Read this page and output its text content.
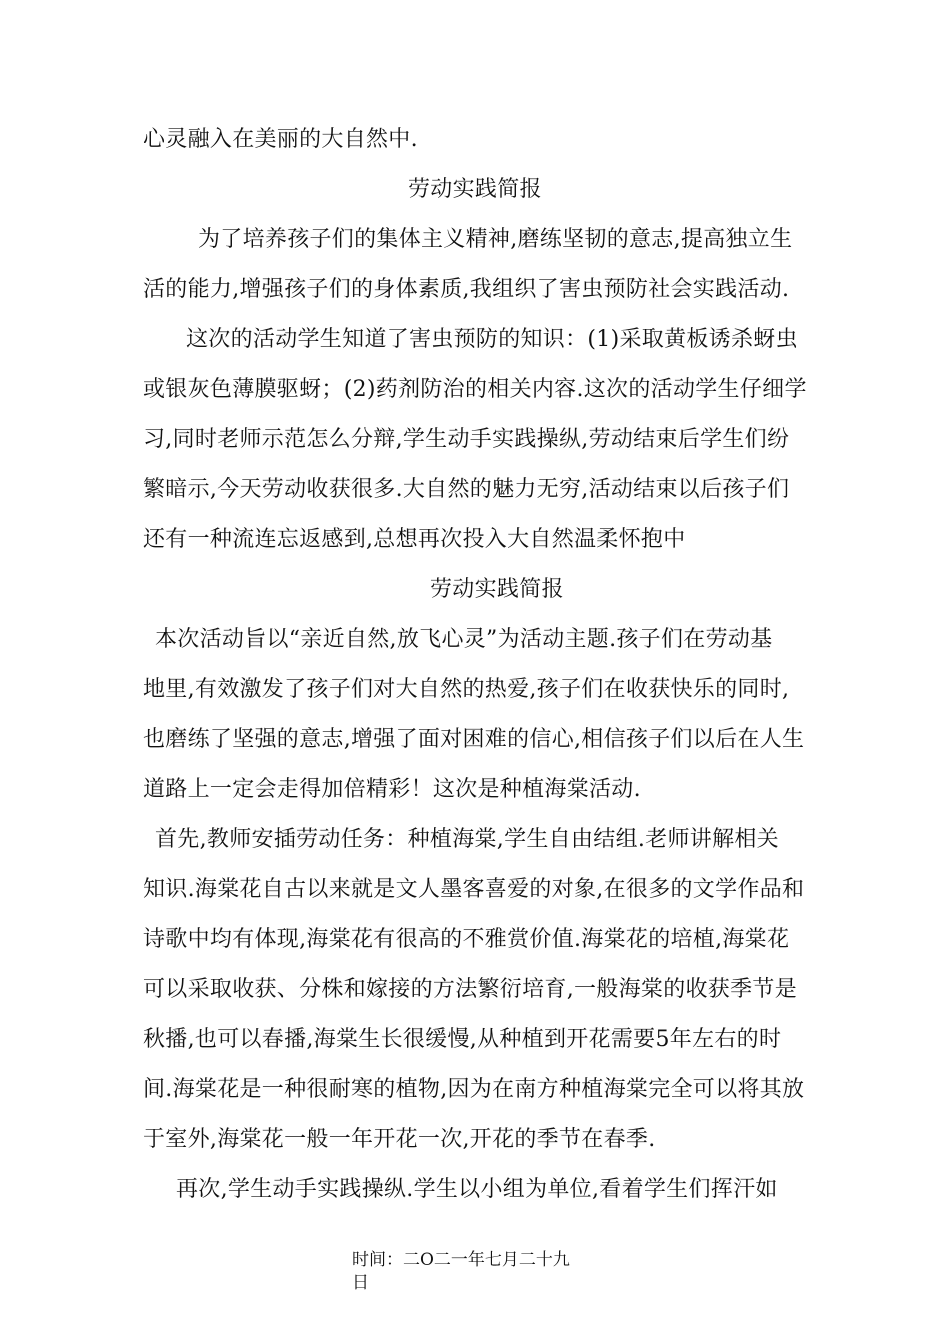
心灵融入在美丽的大自然中.
劳动实践简报
为了培养孩子们的集体主义精神,磨练坚韧的意志,提高独立生
活的能力,增强孩子们的身体素质,我组织了害虫预防社会实践活动.
这次的活动学生知道了害虫预防的知识：(1)采取黄板诱杀蚜虫
或银灰色薄膜驱蚜；(2)药剂防治的相关内容.这次的活动学生仔细学
习,同时老师示范怎么分辩,学生动手实践操纵,劳动结束后学生们纷
繁暗示,今天劳动收获很多.大自然的魅力无穷,活动结束以后孩子们
还有一种流连忘返感到,总想再次投入大自然温柔怀抱中
劳动实践简报
本次活动旨以“亲近自然,放飞心灵”为活动主题.孩子们在劳动基
地里,有效激发了孩子们对大自然的热爱,孩子们在收获快乐的同时,
也磨练了坚强的意志,增强了面对困难的信心,相信孩子们以后在人生
道路上一定会走得加倍精彩！这次是种植海棠活动.
首先,教师安插劳动任务：种植海棠,学生自由结组.老师讲解相关
知识.海棠花自古以来就是文人墨客喜爱的对象,在很多的文学作品和
诗歌中均有体现,海棠花有很高的不雅赏价值.海棠花的培植,海棠花
可以采取收获、分株和嫁接的方法繁衍培育,一般海棠的收获季节是
秋播,也可以春播,海棠生长很缓慢,从种植到开花需要5年左右的时
间.海棠花是一种很耐寒的植物,因为在南方种植海棠完全可以将其放
于室外,海棠花一般一年开花一次,开花的季节在春季.
再次,学生动手实践操纵.学生以小组为单位,看着学生们挥汗如
时间：二O二一年七月二十九
日
